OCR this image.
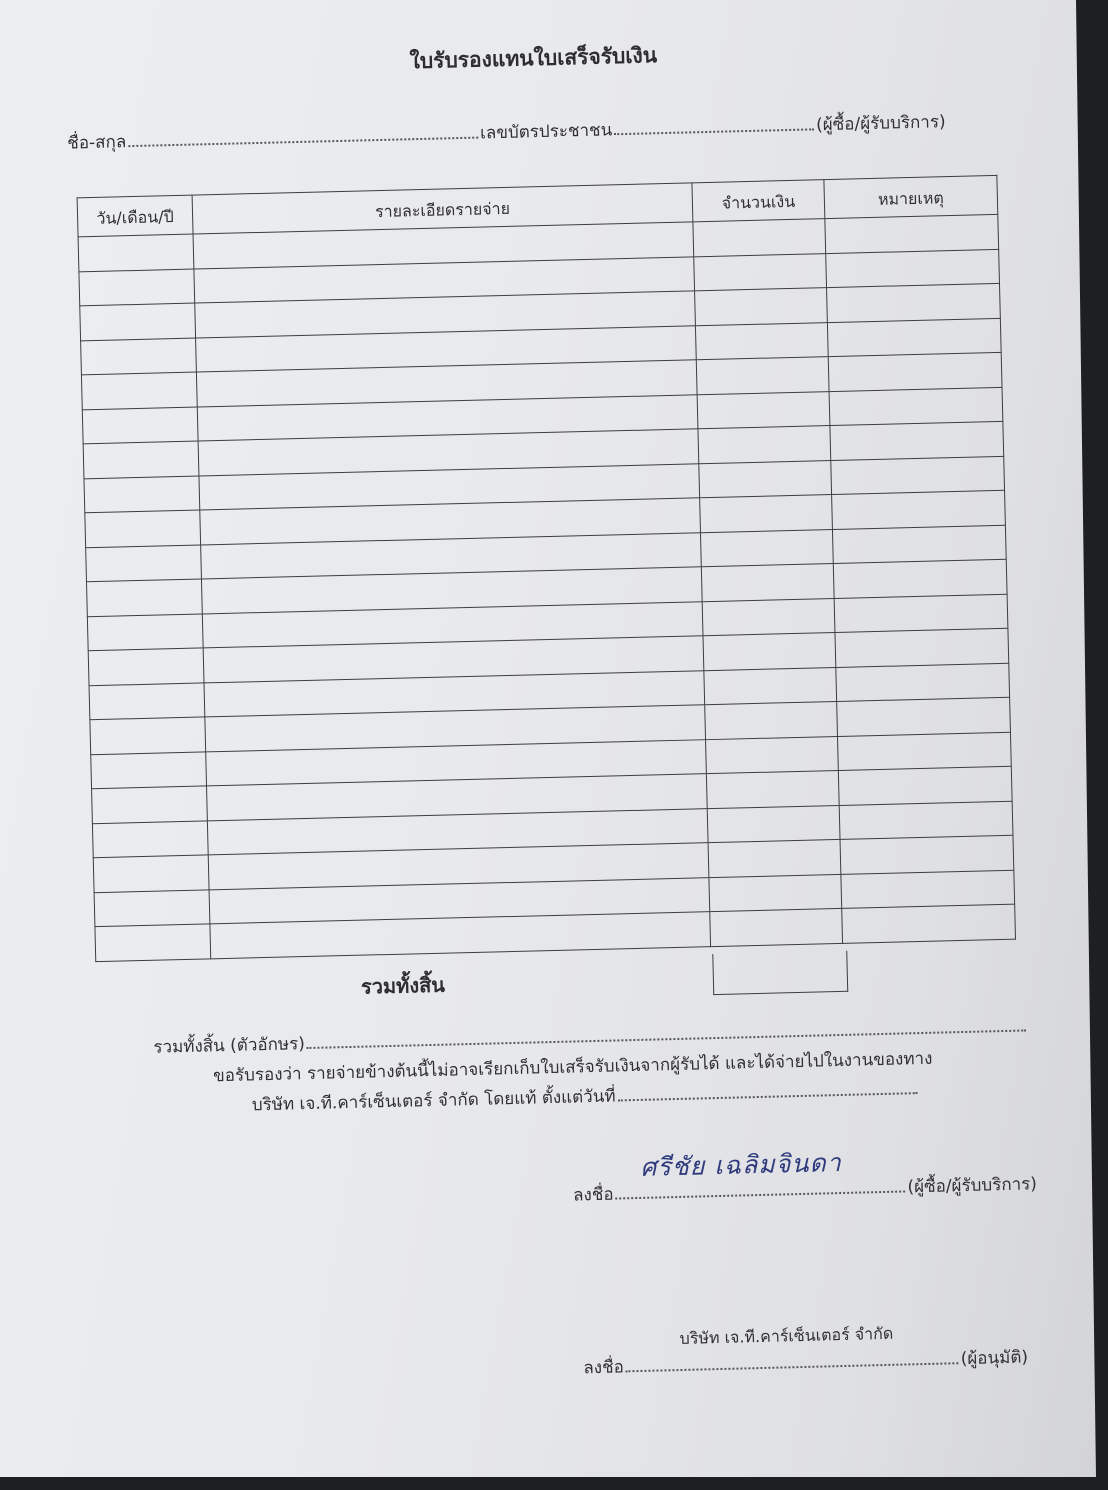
ใบรับรองแทนใบเสร็จรับเงิน
ชื่อ-สกุล	เลขบัตรประชาชน	(ผู้ซื้อ/ผู้รับบริการ)
วัน/เดือน/ปี	รายละเอียดรายจ่าย	จำนวนเงิน	หมายเหตุ

รวมทั้งสิ้น
รวมทั้งสิ้น (ตัวอักษร)
ขอรับรองว่า รายจ่ายข้างต้นนี้ไม่อาจเรียกเก็บใบเสร็จรับเงินจากผู้รับได้ และได้จ่ายไปในงานของทาง
บริษัท เจ.ที.คาร์เซ็นเตอร์ จำกัด โดยแท้ ตั้งแต่วันที่
ลงชื่อ	(ผู้ซื้อ/ผู้รับบริการ)
ศรีชัย เฉลิมจินดา
บริษัท เจ.ที.คาร์เซ็นเตอร์ จำกัด
ลงชื่อ	(ผู้อนุมัติ)
